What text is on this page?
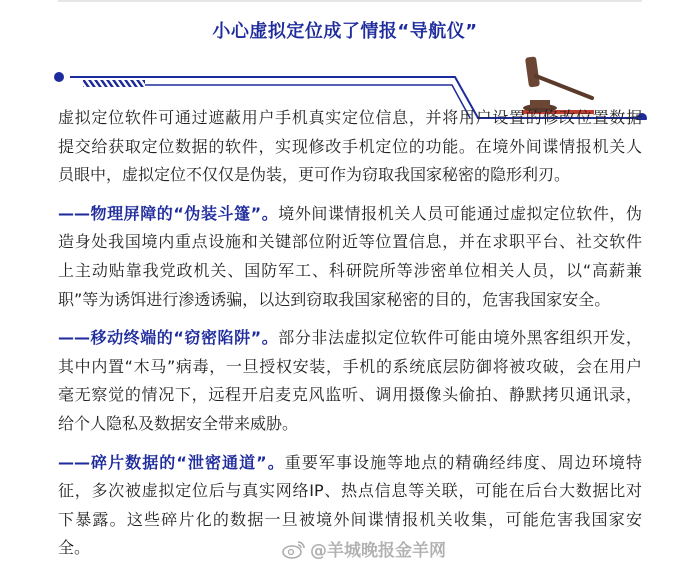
小心虚拟定位成了情报“导航仪”
虚拟定位软件可通过遮蔽用户手机真实定位信息，并将用户设置的修改位置数据
提交给获取定位数据的软件，实现修改手机定位的功能。在境外间谍情报机关人
员眼中，虚拟定位不仅仅是伪装，更可作为窃取我国家秘密的隐形利刃。
——物理屏障的“伪装斗篷”。境外间谍情报机关人员可能通过虚拟定位软件，伪
造身处我国境内重点设施和关键部位附近等位置信息，并在求职平台、社交软件
上主动贴靠我党政机关、国防军工、科研院所等涉密单位相关人员，以“高薪兼
职”等为诱饵进行渗透诱骗，以达到窃取我国家秘密的目的，危害我国家安全。
——移动终端的“窃密陷阱”。部分非法虚拟定位软件可能由境外黑客组织开发，
其中内置“木马”病毒，一旦授权安装，手机的系统底层防御将被攻破，会在用户
毫无察觉的情况下，远程开启麦克风监听、调用摄像头偷拍、静默拷贝通讯录，
给个人隐私及数据安全带来威胁。
——碎片数据的“泄密通道”。重要军事设施等地点的精确经纬度、周边环境特
征，多次被虚拟定位后与真实网络IP、热点信息等关联，可能在后台大数据比对
下暴露。这些碎片化的数据一旦被境外间谍情报机关收集，可能危害我国家安
全。	@羊城晚报金羊网
